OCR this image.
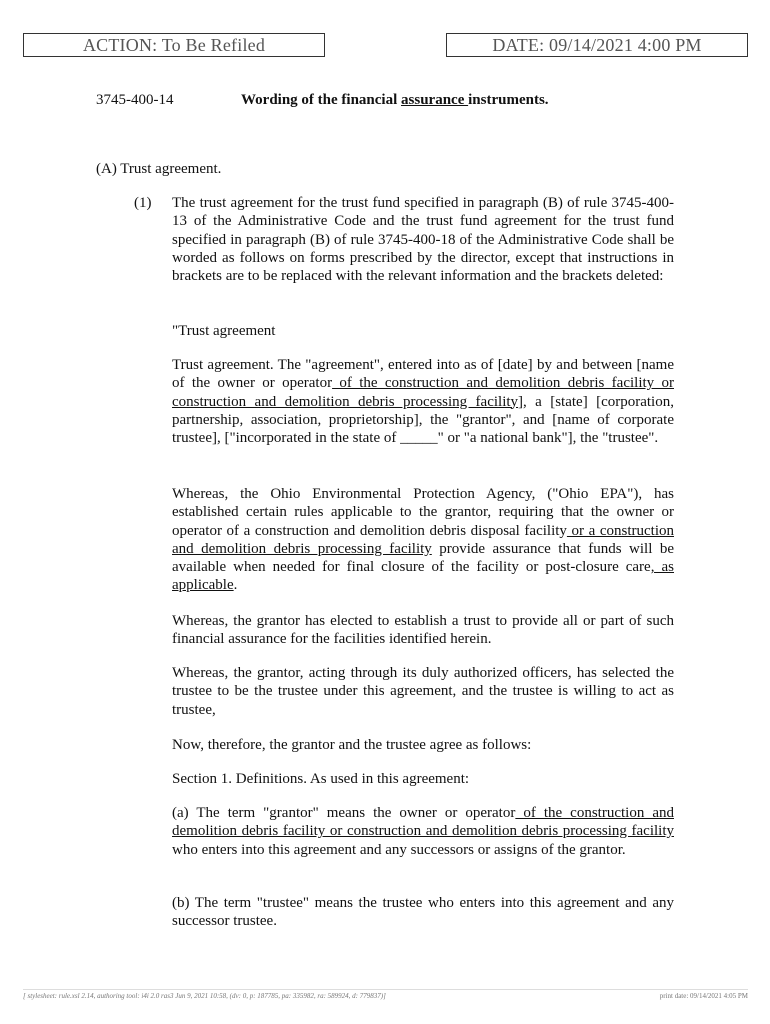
ACTION: To Be Refiled	DATE: 09/14/2021 4:00 PM
3745-400-14	Wording of the financial assurance instruments.
(A) Trust agreement.

(1) The trust agreement for the trust fund specified in paragraph (B) of rule 3745-400-13 of the Administrative Code and the trust fund agreement for the trust fund specified in paragraph (B) of rule 3745-400-18 of the Administrative Code shall be worded as follows on forms prescribed by the director, except that instructions in brackets are to be replaced with the relevant information and the brackets deleted:

"Trust agreement

Trust agreement. The "agreement", entered into as of [date] by and between [name of the owner or operator of the construction and demolition debris facility or construction and demolition debris processing facility], a [state] [corporation, partnership, association, proprietorship], the "grantor", and [name of corporate trustee], ["incorporated in the state of _____" or "a national bank"], the "trustee".

Whereas, the Ohio Environmental Protection Agency, ("Ohio EPA"), has established certain rules applicable to the grantor, requiring that the owner or operator of a construction and demolition debris disposal facility or a construction and demolition debris processing facility provide assurance that funds will be available when needed for final closure of the facility or post-closure care, as applicable.

Whereas, the grantor has elected to establish a trust to provide all or part of such financial assurance for the facilities identified herein.

Whereas, the grantor, acting through its duly authorized officers, has selected the trustee to be the trustee under this agreement, and the trustee is willing to act as trustee,

Now, therefore, the grantor and the trustee agree as follows:

Section 1. Definitions. As used in this agreement:

(a) The term "grantor" means the owner or operator of the construction and demolition debris facility or construction and demolition debris processing facility who enters into this agreement and any successors or assigns of the grantor.

(b) The term "trustee" means the trustee who enters into this agreement and any successor trustee.

[ stylesheet: rule.xsl 2.14, authoring tool: i4i 2.0 ras3 Jun 9, 2021 10:58, (dv: 0, p: 187785, pa: 335982, ra: 589924, d: 779837)]	print date: 09/14/2021 4:05 PM
